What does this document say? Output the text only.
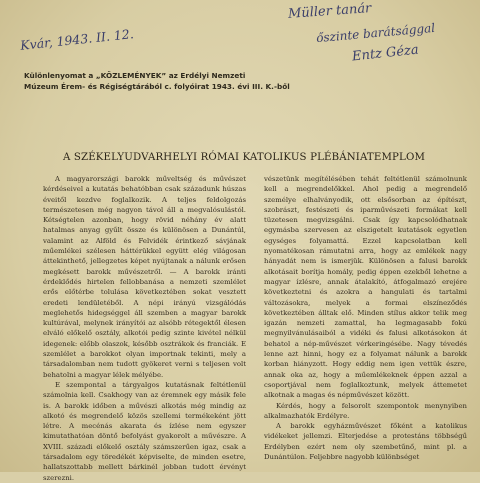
Kvár, 1943. II. 12.
Müller tanár
őszinte barátsággal
Entz Géza
Különlenyomat a „KÖZLEMÉNYEK” az Erdélyi Nemzeti
Múzeum Érem- és Régiségtárából c. folyóirat 1943. évi III. K.-ből
A SZÉKELYUDVARHELYI RÓMAI KATOLIKUS PLÉBÁNIATEMPLOM

A magyarországi barokk műveltség és művészet kérdéseivel a kutatás behatóbban csak századunk húszas éveitől kezdve foglalkozik. A teljes feldolgozás természetesen még nagyon távol áll a megvalósulástól. Kétségtelen azonban, hogy rövid néhány év alatt hatalmas anyag gyűlt össze és különösen a Dunántúl, valamint az Alföld és Felvidék érintkező sávjának műemlékei szélesen háttérükkel együtt elég világosan áttekinthető, jellegzetes képet nyújtanak a nálunk erősen megkésett barokk művészetről. — A barokk iránti érdeklődés hirtelen fellobbanása a nemzeti szemlélet erős előtérbe tolulása következtében sokat vesztett eredeti lendületéből. A népi irányú vizsgálódás meglehetős hidegséggel áll szemben a magyar barokk kultúrával, melynek irányítói az alsóbb rétegektől élesen elváló előkelő osztály, alkotói pedig szinte kivétel nélkül idegenek: előbb olaszok, később osztrákok és franciák. E szemlélet a barokkot olyan importnak tekinti, mely a társadalomban nem tudott gyökeret verni s teljesen volt behatolni a magyar lélek mélyébe.

E szempontal a tárgyalgos kutatásnak feltétlenül számolnia kell. Csakhogy van az éremnek egy másik fele is. A barokk időben a művészi alkotás még mindig az alkotó és megrendelő közös szellemi termékeként jött létre. A mecénás akarata és ízlése nem egyszer kimutathatóan döntő befolyást gyakorolt a művészre. A XVIII. századi előkelő osztály számszerűen igaz, csak a társadalom egy töredékét képviselte, de minden esetre, hallatszottabb mellett bárkinél jobban tudott érvényt szerezni.

vészetünk megítélésében tehát feltétlenül számolnunk kell a megrendelőkkel. Ahol pedig a megrendelő személye elhalványodik, ott elsősorban az építészt, szobrászt, festészeti és iparművészeti formákat kell tüzetesen megvizsgálni. Csak így kapcsolódhatnak egymásba szervesen az elszigetelt kutatások egyetlen egységes folyamattá. Ezzel kapcsolatban kell nyomatékosan rámutatni arra, hogy az emlékek nagy hányadát nem is ismerjük. Különösen a falusi barokk alkotásait borítja homály, pedig éppen ezekből lehetne a magyar ízlésre, annak átalakító, átfogalmazó erejére következtetni és azokra a hangulati és tartalmi változásokra, melyek a formai elszíneződés következtében álltak elő. Minden stílus akkor telik meg igazán nemzeti zamattal, ha legmagasabb fokú megnyilvánulásaiból a vidéki és falusi alkotásokon át behatol a nép-művészet vérkeringésébe. Nagy tévedés lenne azt hinni, hogy ez a folyamat nálunk a barokk korban hiányzott. Hogy eddig nem igen vettük észre, annak oka az, hogy a műemlékeknek éppen azzal a csoportjával nem foglalkoztunk, melyek áttemetet alkotnak a magas és népművészet között.

Kérdés, hogy a felsorolt szempontok menynyiben alkalmazhatók Erdélyre.

A barokk egyházművészet főként a katolikus vidékeket jellemzi. Elterjedése a protestáns többségű Erdélyben ezért nem oly szembetűnő, mint pl. a Dunántúlon. Feljebbre nagyobb különbséget
